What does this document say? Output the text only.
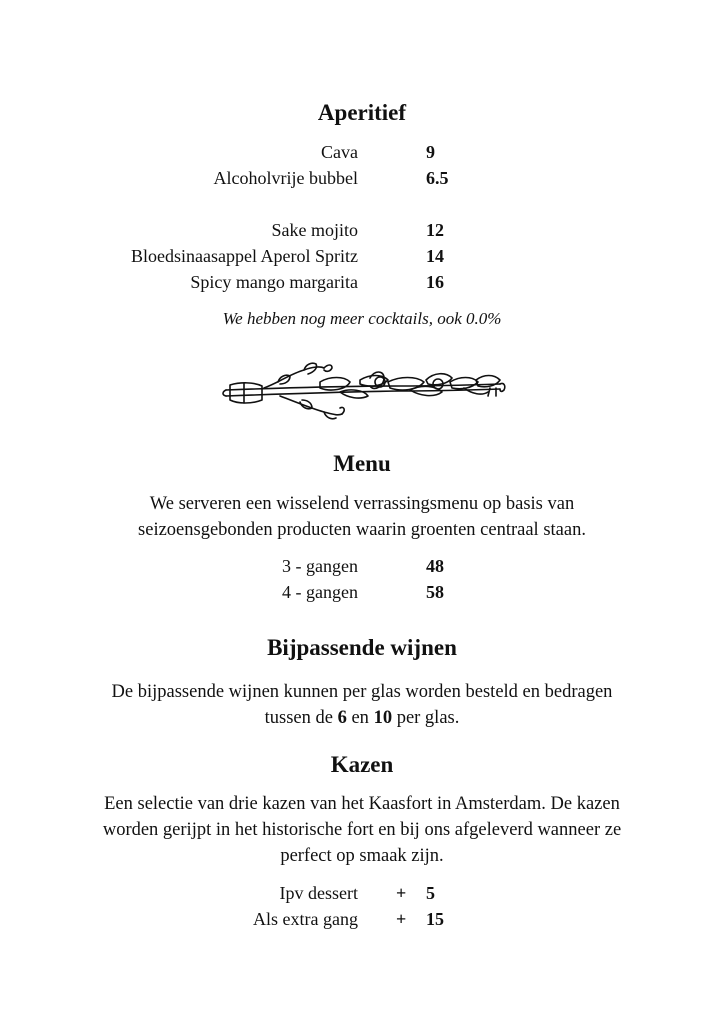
Aperitief
Cava	9
Alcoholvrije bubbel	6.5
Sake mojito	12
Bloedsinaasappel Aperol Spritz	14
Spicy mango margarita	16
We hebben nog meer cocktails, ook 0.0%
Menu
We serveren een wisselend verrassingsmenu op basis van
seizoensgebonden producten waarin groenten centraal staan.
3 - gangen	48
4 - gangen	58
Bijpassende wijnen
De bijpassende wijnen kunnen per glas worden besteld en bedragen
tussen de 6 en 10 per glas.
Kazen
Een selectie van drie kazen van het Kaasfort in Amsterdam. De kazen
worden gerijpt in het historische fort en bij ons afgeleverd wanneer ze
perfect op smaak zijn.
Ipv dessert + 5
Als extra gang + 15
